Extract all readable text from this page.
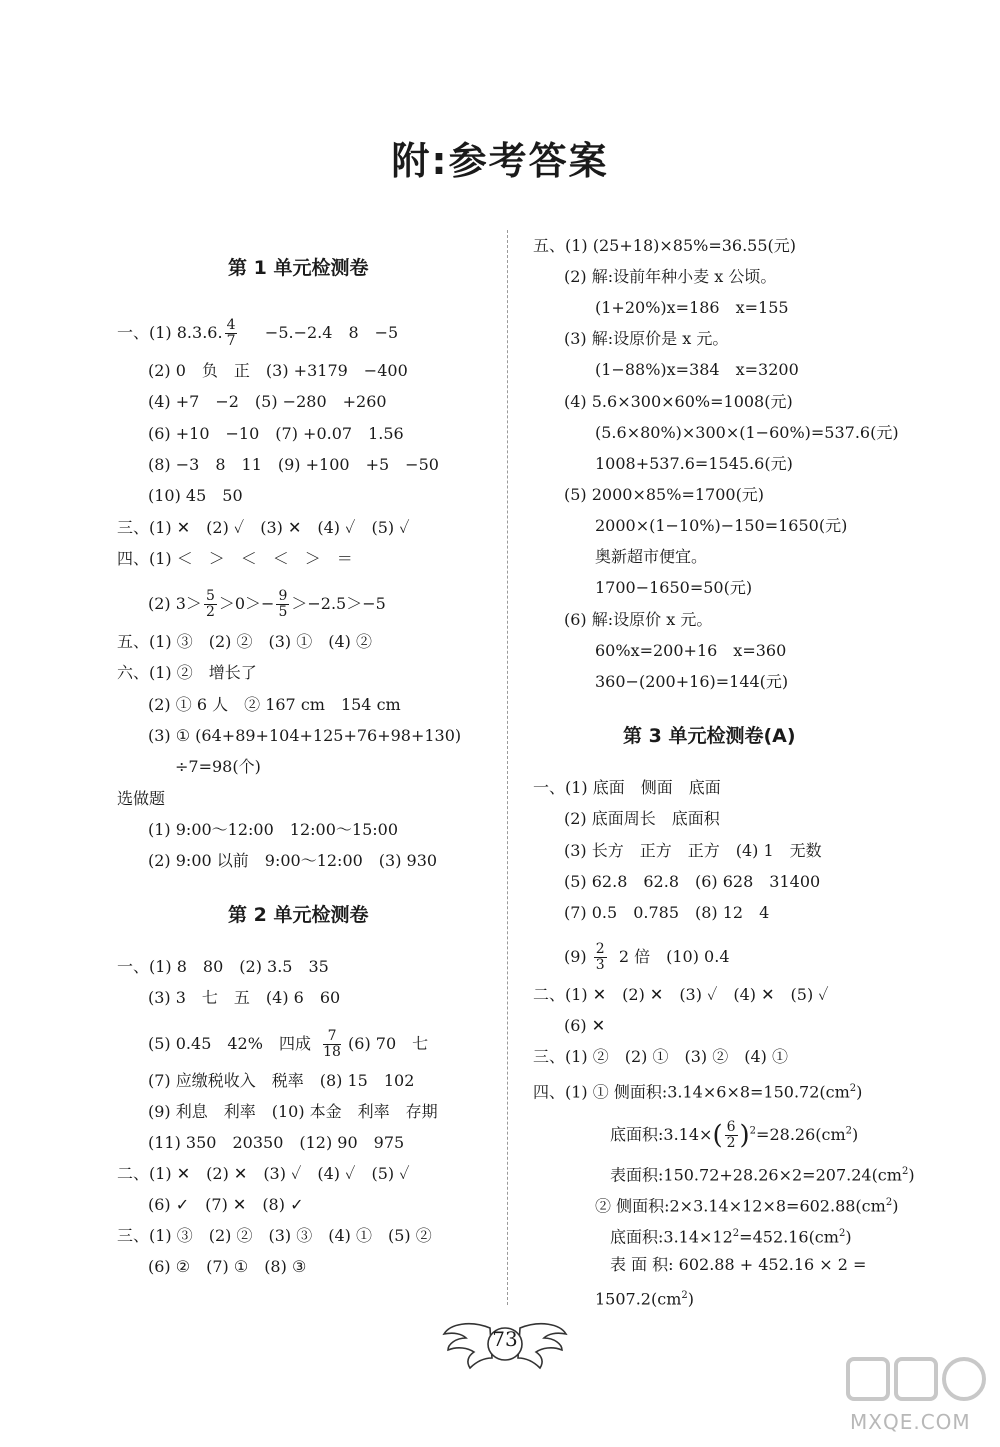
附:参考答案
第 1 单元检测卷
一、(1) 8.3.6. $\frac{4}{7} -5.-2.4$　8　−5
(2) 0　负　正　(3) +3179　−400
(4) +7　−2　(5) −280　+260
(6) +10　−10　(7) +0.07　1.56
(8) −3　8　11　(9) +100　+5　−50
(10) 45　50
三、(1) ✕　(2) ✓　(3) ✕　(4) ✓　(5) ✓
四、(1) ＜　＞　＜　＜　＞　＝
(2) $3> \frac{5}{2} >0>- \frac{9}{5} >-2.5>-5$
五、(1) ③　(2) ②　(3) ①　(4) ②
六、(1) ②　增长了
(2) ① 6 人　② 167 cm　154 cm
(3) ① (64+89+104+125+76+98+130)
÷7=98(个)
选做题
(1) 9:00～12:00　12:00～15:00
(2) 9:00 以前　9:00～12:00　(3) 930
第 2 单元检测卷
一、(1) 8　80　(2) 3.5　35
(3) 3　七　五　(4) 6　60
(5) 0.45　42%　四成 $\frac{7}{18} (6)$ 70　七
(7) 应缴税收入　税率　(8) 15　102
(9) 利息　利率　(10) 本金　利率　存期
(11) 350　20350　(12) 90　975
二、(1) ✕　(2) ✕　(3) ✓　(4) ✓　(5) ✓
(6) ✓　(7) ✕　(8) ✓
三、(1) ③　(2) ②　(3) ③　(4) ①　(5) ②
(6) ②　(7) ①　(8) ③
五、(1) (25+18)×85%=36.55(元)
(2) 解:设前年种小麦 x 公顷。
(1+20%)x=186　x=155
(3) 解:设原价是 x 元。
(1−88%)x=384　x=3200
(4) 5.6×300×60%=1008(元)
(5.6×80%)×300×(1−60%)=537.6(元)
1008+537.6=1545.6(元)
(5) 2000×85%=1700(元)
2000×(1−10%)−150=1650(元)
奥新超市便宜。
1700−1650=50(元)
(6) 解:设原价 x 元。
60%x=200+16　x=360
360−(200+16)=144(元)
第 3 单元检测卷(A)
一、(1) 底面　侧面　底面
(2) 底面周长　底面积
(3) 长方　正方　正方　(4) 1　无数
(5) 62.8　62.8　(6) 628　31400
(7) 0.5　0.785　(8) 12　4
$(9) \frac{2}{3} 2$ 倍　(10) 0.4
二、(1) ✕　(2) ✕　(3) ✓　(4) ✕　(5) ✓
(6) ✕
三、(1) ②　(2) ①　(3) ②　(4) ①
四、(1) ① 侧面积$:3.14\times 6\times 8=150.72(cm^2)$
底面积:3.14×( $\frac{6}{2} )^2=28.26(cm^2)$
表面积$:150.72+28.26\times 2=207.24(cm^2)$
② 侧面积$:2\times 3.14\times 12\times 8=602.88(cm^2)$
底面积$:3.14\times 12^2=452.16(cm^2)$
表 面 积: 602.88 + 452.16 × 2 =
$1507.2(cm^2)$
73
MXQE.COM
